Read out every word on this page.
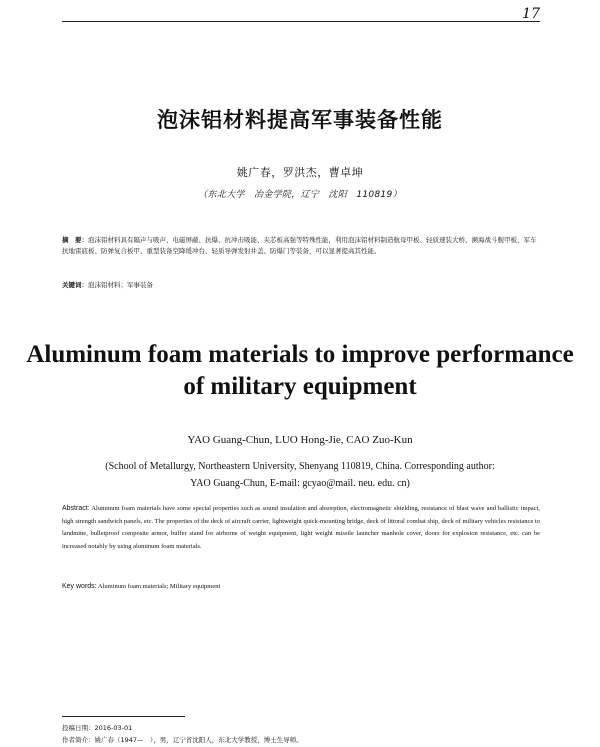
17
泡沫铝材料提高军事装备性能
姚广春，罗洪杰，曹卓坤
（东北大学　冶金学院，辽宁　沈阳　110819）
摘　要：泡沫铝材料具有隔声与吸声、电磁屏蔽、抗爆、抗冲击吸能、夹芯板高强等特殊性能，利用泡沫铝材料制造航母甲板、轻质速装大桥、濒海战斗舰甲板、军车抗地雷底板、防弹复合板甲、重型装备空降缓冲台、轻质导弹发射井盖、防爆门等装备，可以显著提高其性能。
关键词：泡沫铝材料；军事装备
Aluminum foam materials to improve performance
of military equipment
YAO Guang-Chun, LUO Hong-Jie, CAO Zuo-Kun
(School of Metallurgy, Northeastern University, Shenyang 110819, China. Corresponding author:
YAO Guang-Chun, E-mail: gcyao@mail. neu. edu. cn)
Abstract: Aluminum foam materials have some special properties such as sound insulation and absorption, electromagnetic shielding, resistance of blast wave and ballistic impact, high strength sandwich panels, etc. The properties of the deck of aircraft carrier, lightweight quick-mounting bridge, deck of littoral combat ship, deck of military vehicles resistance to landmine, bulletproof composite armor, buffer stand for airborne of weight equipment, light weight missile launcher manhole cover, doors for explosion resistance, etc. can be increased notably by using aluminum foam materials.
Key words: Aluminum foam materials; Military equipment
投稿日期：2016-03-01
作者简介：姚广春（1947—　），男，辽宁省沈阳人，东北大学教授，博士生导师。
